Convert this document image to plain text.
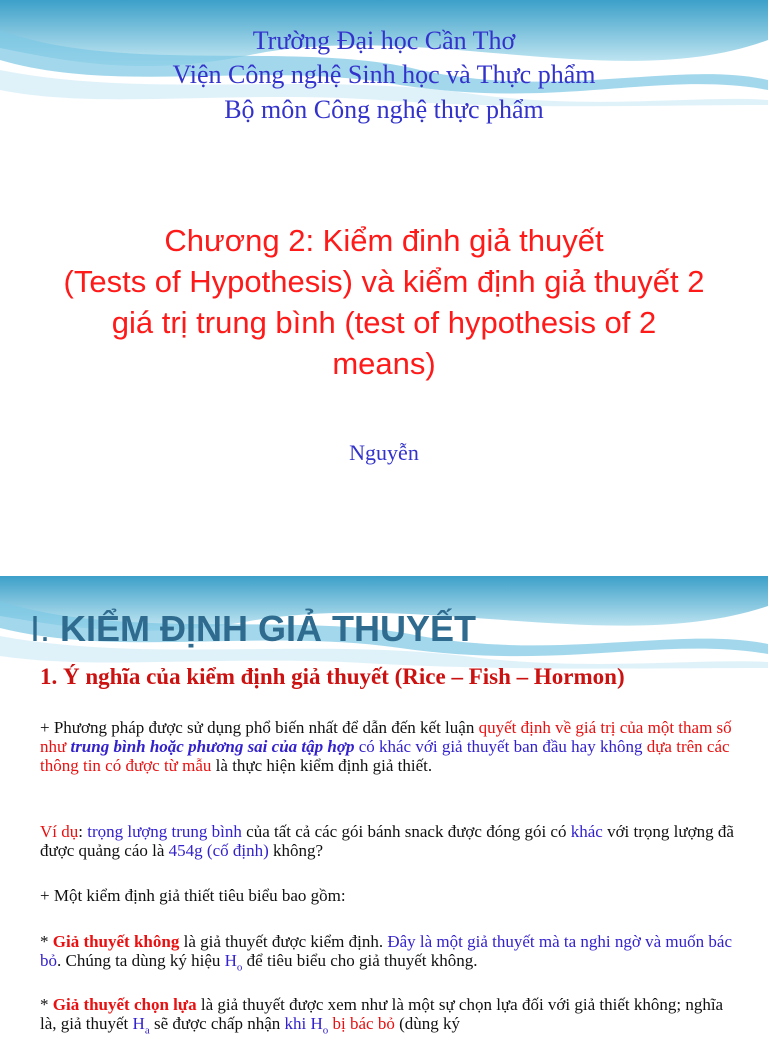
Trường Đại học Cần Thơ
Viện Công nghệ Sinh học và Thực phẩm
Bộ môn Công nghệ thực phẩm
Chương 2: Kiểm đinh giả thuyết
(Tests of Hypothesis) và kiểm định giả thuyết 2
giá trị trung bình (test of hypothesis of 2
means)
Nguyễn
I. KIỂM ĐỊNH GIẢ THUYẾT
1. Ý nghĩa của kiểm định giả thuyết (Rice – Fish – Hormon)
+ Phương pháp được sử dụng phổ biến nhất để dẫn đến kết luận quyết định về giá trị của một tham số như trung bình hoặc phương sai của tập hợp có khác với giả thuyết ban đầu hay không dựa trên các thông tin có được từ mẫu là thực hiện kiểm định giả thiết.
Ví dụ: trọng lượng trung bình của tất cả các gói bánh snack được đóng gói có khác với trọng lượng đã được quảng cáo là 454g (cố định) không?
+ Một kiểm định giả thiết tiêu biểu bao gồm:
* Giả thuyết không là giả thuyết được kiểm định. Đây là một giả thuyết mà ta nghi ngờ và muốn bác bỏ. Chúng ta dùng ký hiệu $H_o$ để tiêu biểu cho giả thuyết không.
* Giả thuyết chọn lựa là giả thuyết được xem như là một sự chọn lựa đối với giả thiết không; nghĩa là, giả thuyết $H_a$ sẽ được chấp nhận khi $H_o$ bị bác bỏ (dùng ký
